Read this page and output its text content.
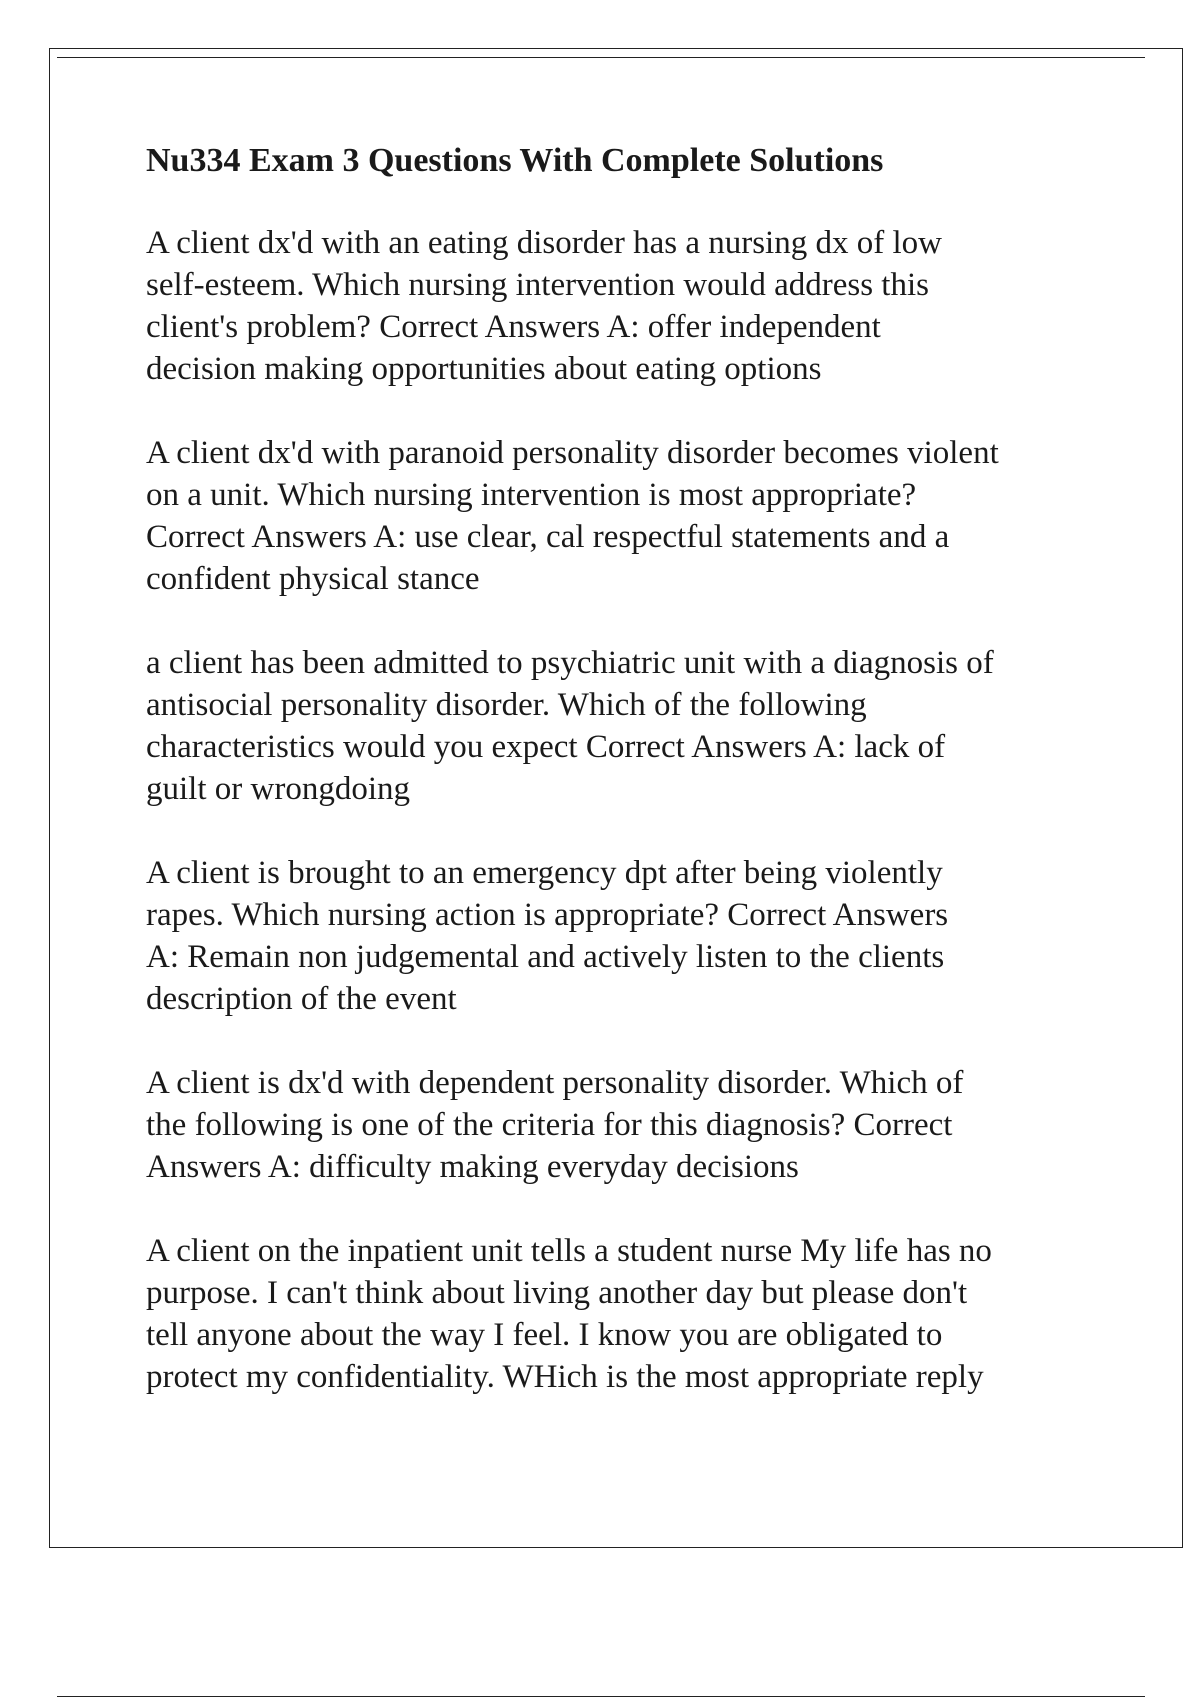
Nu334 Exam 3 Questions With Complete Solutions
A client dx'd with an eating disorder has a nursing dx of low
self-esteem. Which nursing intervention would address this
client's problem? Correct Answers A: offer independent
decision making opportunities about eating options
A client dx'd with paranoid personality disorder becomes violent
on a unit. Which nursing intervention is most appropriate?
Correct Answers A: use clear, cal respectful statements and a
confident physical stance
a client has been admitted to psychiatric unit with a diagnosis of
antisocial personality disorder. Which of the following
characteristics would you expect Correct Answers A: lack of
guilt or wrongdoing
A client is brought to an emergency dpt after being violently
rapes. Which nursing action is appropriate? Correct Answers
A: Remain non judgemental and actively listen to the clients
description of the event
A client is dx'd with dependent personality disorder. Which of
the following is one of the criteria for this diagnosis? Correct
Answers A: difficulty making everyday decisions
A client on the inpatient unit tells a student nurse My life has no
purpose. I can't think about living another day but please don't
tell anyone about the way I feel. I know you are obligated to
protect my confidentiality. WHich is the most appropriate reply
